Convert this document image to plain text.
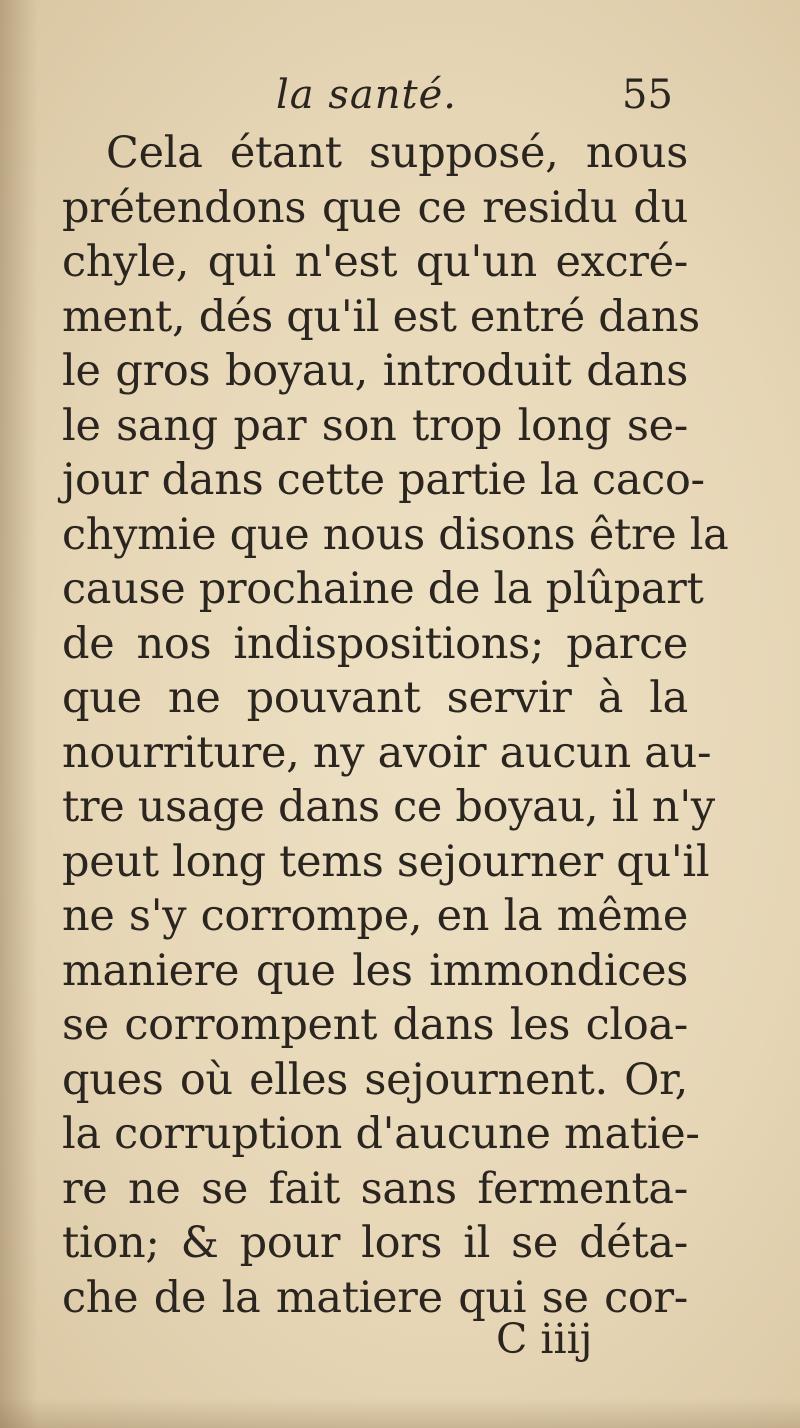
la santé.	55
Cela étant supposé, nous
prétendons que ce residu du
chyle, qui n'est qu'un excré-
ment, dés qu'il est entré dans
le gros boyau, introduit dans
le sang par son trop long se-
jour dans cette partie la caco-
chymie que nous disons être la
cause prochaine de la plûpart
de nos indispositions; parce
que ne pouvant servir à la
nourriture, ny avoir aucun au-
tre usage dans ce boyau, il n'y
peut long tems sejourner qu'il
ne s'y corrompe, en la même
maniere que les immondices
se corrompent dans les cloa-
ques où elles sejournent. Or,
la corruption d'aucune matie-
re ne se fait sans fermenta-
tion; & pour lors il se déta-
che de la matiere qui se cor-
C iiij
